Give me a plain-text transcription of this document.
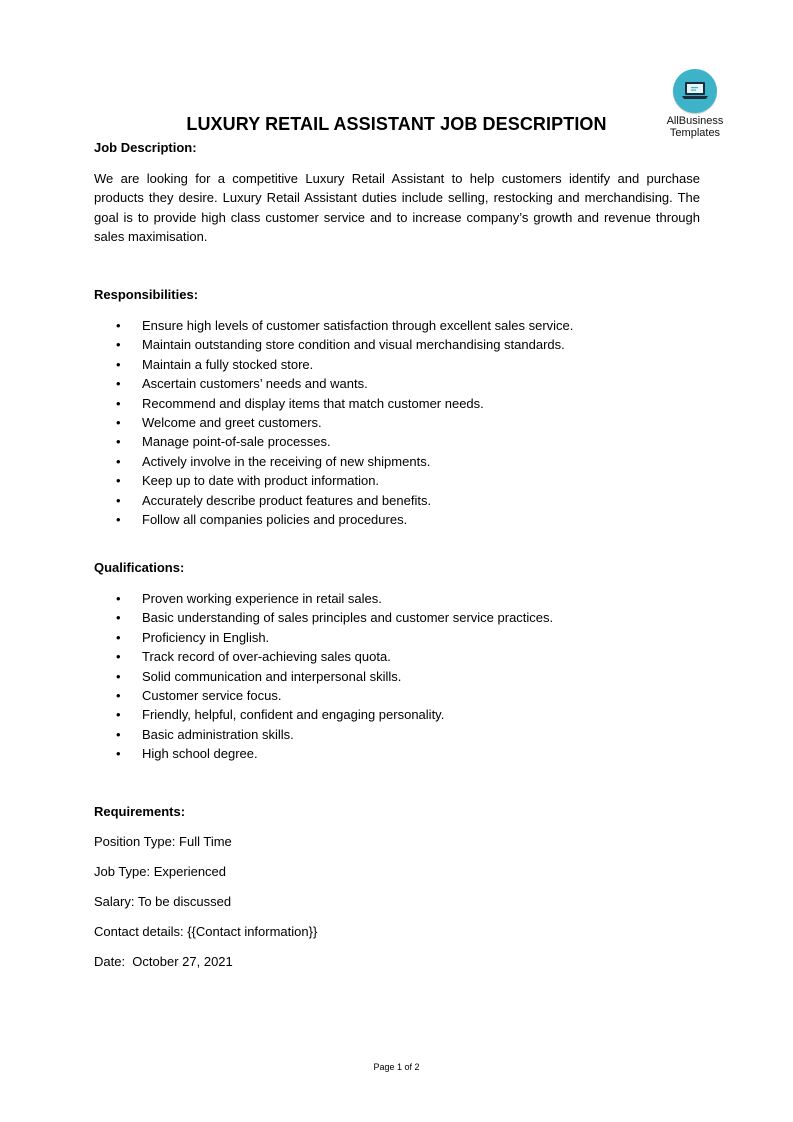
AllBusiness
Templates
LUXURY RETAIL ASSISTANT JOB DESCRIPTION
Job Description:
We are looking for a competitive Luxury Retail Assistant to help customers identify and purchase products they desire. Luxury Retail Assistant duties include selling, restocking and merchandising. The goal is to provide high class customer service and to increase company’s growth and revenue through sales maximisation.
Responsibilities:
• Ensure high levels of customer satisfaction through excellent sales service.
• Maintain outstanding store condition and visual merchandising standards.
• Maintain a fully stocked store.
• Ascertain customers’ needs and wants.
• Recommend and display items that match customer needs.
• Welcome and greet customers.
• Manage point-of-sale processes.
• Actively involve in the receiving of new shipments.
• Keep up to date with product information.
• Accurately describe product features and benefits.
• Follow all companies policies and procedures.
Qualifications:
• Proven working experience in retail sales.
• Basic understanding of sales principles and customer service practices.
• Proficiency in English.
• Track record of over-achieving sales quota.
• Solid communication and interpersonal skills.
• Customer service focus.
• Friendly, helpful, confident and engaging personality.
• Basic administration skills.
• High school degree.
Requirements:
Position Type: Full Time
Job Type: Experienced
Salary: To be discussed
Contact details: {{Contact information}}
Date:  October 27, 2021
Page 1 of 2
